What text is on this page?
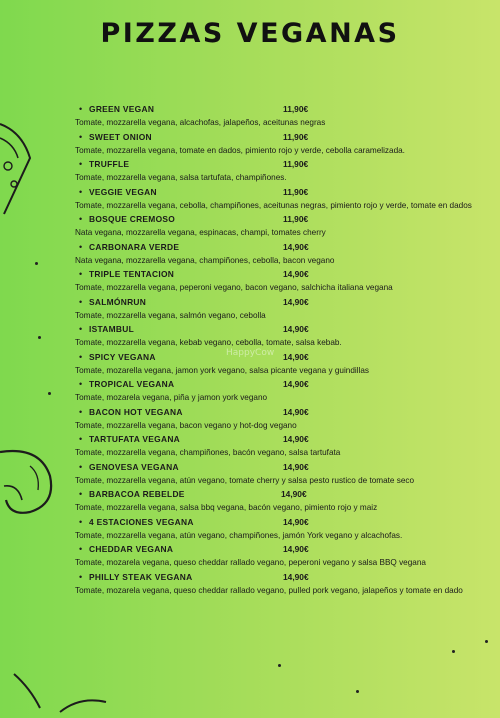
PIZZAS VEGANAS
• GREEN VEGAN	11,90€
Tomate, mozzarella vegana, alcachofas, jalapeños, aceitunas negras
• SWEET ONION	11,90€
Tomate, mozzarella vegana, tomate en dados, pimiento rojo y verde, cebolla caramelizada.
• TRUFFLE	11,90€
Tomate, mozzarella vegana, salsa tartufata, champiñones.
• VEGGIE VEGAN	11,90€
Tomate, mozzarella vegana, cebolla, champiñones, aceitunas negras, pimiento rojo y verde, tomate en dados
• BOSQUE CREMOSO	11,90€
Nata vegana, mozzarella vegana, espinacas, champi, tomates cherry
• CARBONARA VERDE	14,90€
Nata vegana, mozzarella vegana, champiñones, cebolla, bacon vegano
• TRIPLE TENTACION	14,90€
Tomate, mozzarella vegana, peperoni vegano, bacon vegano, salchicha italiana vegana
• SALMÓNRUN	14,90€
Tomate, mozzarella vegana, salmón vegano, cebolla
• ISTAMBUL	14,90€
Tomate, mozzarella vegana, kebab vegano, cebolla, tomate, salsa kebab.
• SPICY VEGANA	14,90€
Tomate, mozarella vegana, jamon york vegano, salsa picante vegana y guindillas
• TROPICAL VEGANA	14,90€
Tomate, mozarela vegana, piña y jamon york vegano
• BACON HOT VEGANA	14,90€
Tomate, mozzarella vegana, bacon vegano y hot-dog vegano
• TARTUFATA VEGANA	14,90€
Tomate, mozzarella vegana, champiñones, bacón vegano, salsa tartufata
• GENOVESA VEGANA	14,90€
Tomate, mozzarella vegana, atún vegano, tomate cherry y salsa pesto rustico de tomate seco
• BARBACOA REBELDE	14,90€
Tomate, mozzarella vegana, salsa bbq vegana, bacón vegano, pimiento rojo y maiz
• 4 ESTACIONES VEGANA	14,90€
Tomate, mozzarella vegana, atún vegano, champiñones, jamón York vegano y alcachofas.
• CHEDDAR VEGANA	14,90€
Tomate, mozarela vegana, queso cheddar rallado vegano, peperoni vegano y salsa BBQ vegana
• PHILLY STEAK VEGANA	14,90€
Tomate, mozarela vegana, queso cheddar rallado vegano, pulled pork vegano, jalapeños y tomate en dado
HappyCow
